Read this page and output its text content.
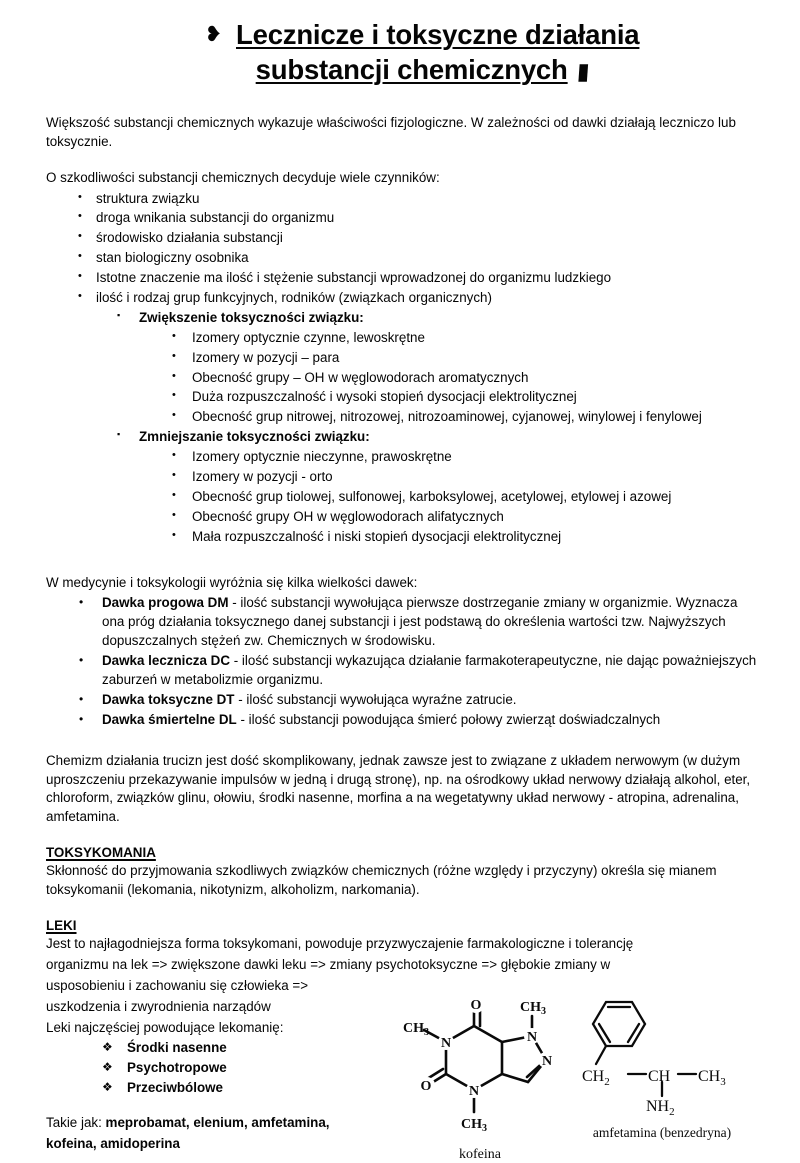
❥ Lecznicze i toksyczne działania
substancji chemicznych ▮

Większość substancji chemicznych wykazuje właściwości fizjologiczne. W zależności od dawki działają leczniczo lub toksycznie.

O szkodliwości substancji chemicznych decyduje wiele czynników:

•	struktura związku
•	droga wnikania substancji do organizmu
•	środowisko działania substancji
•	stan biologiczny osobnika
•	Istotne znaczenie ma ilość i stężenie substancji wprowadzonej do organizmu ludzkiego
•	ilość i rodzaj grup funkcyjnych, rodników (związkach organicznych)
▪	Zwiększenie toksyczności związku:
•	Izomery optycznie czynne, lewoskrętne
•	Izomery w pozycji – para
•	Obecność grupy – OH w węglowodorach aromatycznych
•	Duża rozpuszczalność i wysoki stopień dysocjacji elektrolitycznej
•	Obecność grup nitrowej, nitrozowej, nitrozoaminowej, cyjanowej, winylowej i fenylowej
▪	Zmniejszanie toksyczności związku:
•	Izomery optycznie nieczynne, prawoskrętne
•	Izomery w pozycji - orto
•	Obecność grup tiolowej, sulfonowej, karboksylowej, acetylowej, etylowej i azowej
•	Obecność grupy OH w węglowodorach alifatycznych
•	Mała rozpuszczalność i niski stopień dysocjacji elektrolitycznej

W medycynie i toksykologii wyróżnia się kilka wielkości dawek:

•	Dawka progowa DM - ilość substancji wywołująca pierwsze dostrzeganie zmiany w organizmie. Wyznacza ona próg działania toksycznego danej substancji i jest podstawą do określenia wartości tzw. Najwyższych dopuszczalnych stężeń zw. Chemicznych w środowisku.
•	Dawka lecznicza DC - ilość substancji wykazująca działanie farmakoterapeutyczne, nie dając poważniejszych zaburzeń w metabolizmie organizmu.
•	Dawka toksyczne DT - ilość substancji wywołująca wyraźne zatrucie.
•	Dawka śmiertelne DL - ilość substancji powodująca śmierć połowy zwierząt doświadczalnych

Chemizm działania trucizn jest dość skomplikowany, jednak zawsze jest to związane z układem nerwowym (w dużym uproszczeniu przekazywanie impulsów w jedną i drugą stronę), np. na ośrodkowy układ nerwowy działają alkohol, eter, chloroform, związków glinu, ołowiu, środki nasenne, morfina a na wegetatywny układ nerwowy - atropina, adrenalina, amfetamina.

TOKSYKOMANIA

Skłonność do przyjmowania szkodliwych związków chemicznych (różne względy i przyczyny) określa się mianem toksykomanii (lekomania, nikotynizm, alkoholizm, narkomania).

LEKI

Jest to najłagodniejsza forma toksykomani, powoduje przyzwyczajenie farmakologiczne i tolerancję

organizmu na lek => zwiększone dawki leku => zmiany psychotoksyczne => głębokie zmiany w

usposobieniu i zachowaniu się człowieka =>

uszkodzenia i zwyrodnienia narządów

Leki najczęściej powodujące lekomanię:

❖	Środki nasenne
❖	Psychotropowe
❖	Przeciwbólowe

Takie jak: meprobamat, elenium, amfetamina,

kofeina, amidoperina

N
N
N
N
O
O
$CH_3$
$CH_3$
$CH_3$
kofeina
$CH_2$ CH $CH_3$
$NH_2$
amfetamina (benzedryna)
